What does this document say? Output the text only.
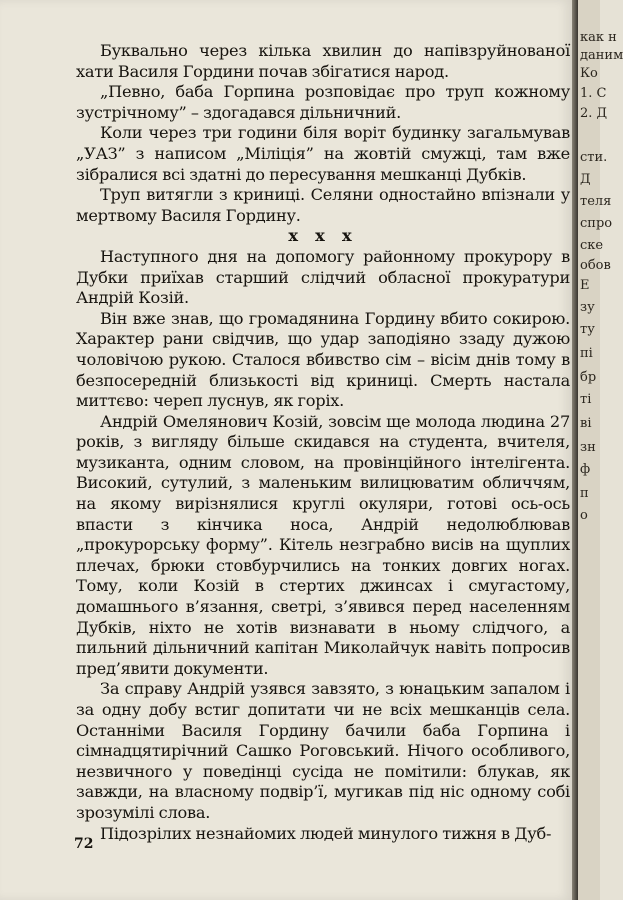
Буквально через кілька хвилин до напівзруйнованої хати Василя Гордини почав збігатися народ.

„Певно, баба Горпина розповідає про труп кожному зустрічному” – здогадався дільничний.

Коли через три години біля воріт будинку загальмував „УАЗ” з написом „Міліція” на жовтій смужці, там вже зібралися всі здатні до пересування мешканці Дубків.

Труп витягли з криниці. Селяни одностайно впізнали у мертвому Василя Гордину.

x x x

Наступного дня на допомогу районному прокурору в Дубки приїхав старший слідчий обласної прокуратури Андрій Козій.

Він вже знав, що громадянина Гордину вбито сокирою. Характер рани свідчив, що удар заподіяно ззаду дужою чоловічою рукою. Сталося вбивство сім – вісім днів тому в безпосередній близькості від криниці. Смерть настала миттєво: череп луснув, як горіх.

Андрій Омелянович Козій, зовсім ще молода людина 27 років, з вигляду більше скидався на студента, вчителя, музиканта, одним словом, на провінційного інтелігента. Високий, сутулий, з маленьким вилицюватим обличчям, на якому вирізнялися круглі окуляри, готові ось-ось впасти з кінчика носа, Андрій недолюблював „прокурорську форму”. Кітель незграбно висів на щуплих плечах, брюки стовбурчились на тонких довгих ногах. Тому, коли Козій в стертих джинсах і смугастому, домашнього в’язання, светрі, з’явився перед населенням Дубків, ніхто не хотів визнавати в ньому слідчого, а пильний дільничний капітан Миколайчук навіть попросив пред’явити документи.

За справу Андрій узявся завзято, з юнацьким запалом і за одну добу встиг допитати чи не всіх мешканців села. Останніми Василя Гордину бачили баба Горпина і сімнадцятирічний Сашко Роговський. Нічого особливого, незвичного у поведінці сусіда не помітили: блукав, як завжди, на власному подвір’ї, мугикав під ніс одному собі зрозумілі слова.

Підозрілих незнайомих людей минулого тижня в Дуб-

72
как н
даним
Ко
1. С
2. Д
сти.
Д
теля
спро
ске
обов
Е
зу
ту
пі
бр
ті
ві
зн
ф
п
о
